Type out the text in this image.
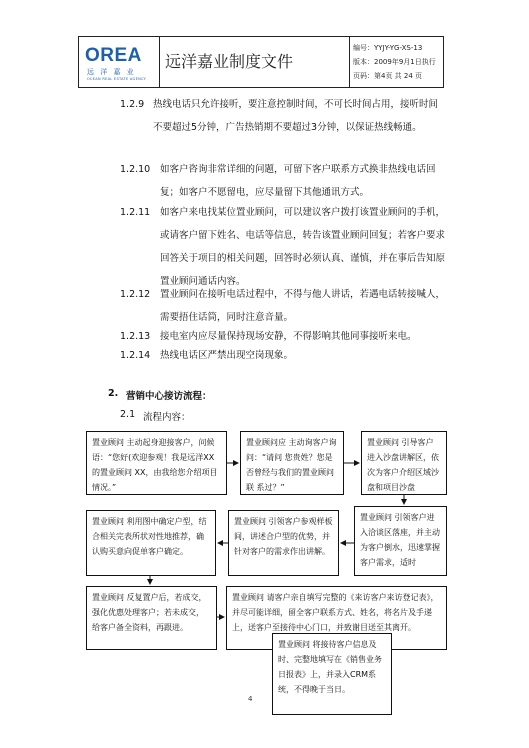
OREA
远 洋 嘉 业
OCEAN REAL ESTATE AGENCY
远洋嘉业制度文件
编号：YYJY-YG-XS-13
版本：2009年9月1日执行
页码：第4页 共 24 页
1.2.9 热线电话只允许接听，要注意控制时间，不可长时间占用，接听时间不要超过5分钟，广告热销期不要超过3分钟，以保证热线畅通。
1.2.10 如客户咨询非常详细的问题，可留下客户联系方式换非热线电话回复；如客户不愿留电，应尽量留下其他通讯方式。
1.2.11 如客户来电找某位置业顾问，可以建议客户拨打该置业顾问的手机，或请客户留下姓名、电话等信息，转告该置业顾问回复；若客户要求回答关于项目的相关问题，回答时必须认真、谨慎，并在事后告知原置业顾问通话内容。
1.2.12 置业顾问在接听电话过程中，不得与他人讲话，若遇电话转接喊人，需要捂住话筒，同时注意音量。
1.2.13 接电室内应尽量保持现场安静，不得影响其他同事接听来电。
1.2.14 热线电话区严禁出现空岗现象。
2. 营销中心接访流程：
2.1 流程内容：
置业顾问 主动起身迎接客户，问候语：“您好(欢迎参观！我是远洋XX的置业顾问 XX，由我给您介绍项目情况。”
置业顾问应 主动询客户询问：“请问 您贵姓？您是否曾经与我们的置业顾问联 系过？”
置业顾问 引导客户进入沙盘讲解区，依次为客户介绍区域沙盘和项目沙盘
置业顾问 利用图中确定户型，结合相关完表所状对性地推荐，确认购买意向促单客户确定。
置业顾问 引领客户参观样板间，讲述合户型的优势，并针对客户的需求作出讲解。
置业顾问 引领客户进入洽谈区落座，并主动为客户倒水，迅速掌握客户需求，适时
置业顾问 反复置户后，若成交，强化优惠处理客户；若未成交，给客户备全资料，再跟进。
置业顾问 请客户亲自填写完整的《来访客户来访登记表》，并尽可能详细，留全客户联系方式、姓名，将名片及手递上，送客户至接待中心门口，并致谢目送至其离开。
置业顾问 将接待客户信息及时、完整地填写在《销售业务日报表》上，并录入CRM系统，不得晚于当日。
4
